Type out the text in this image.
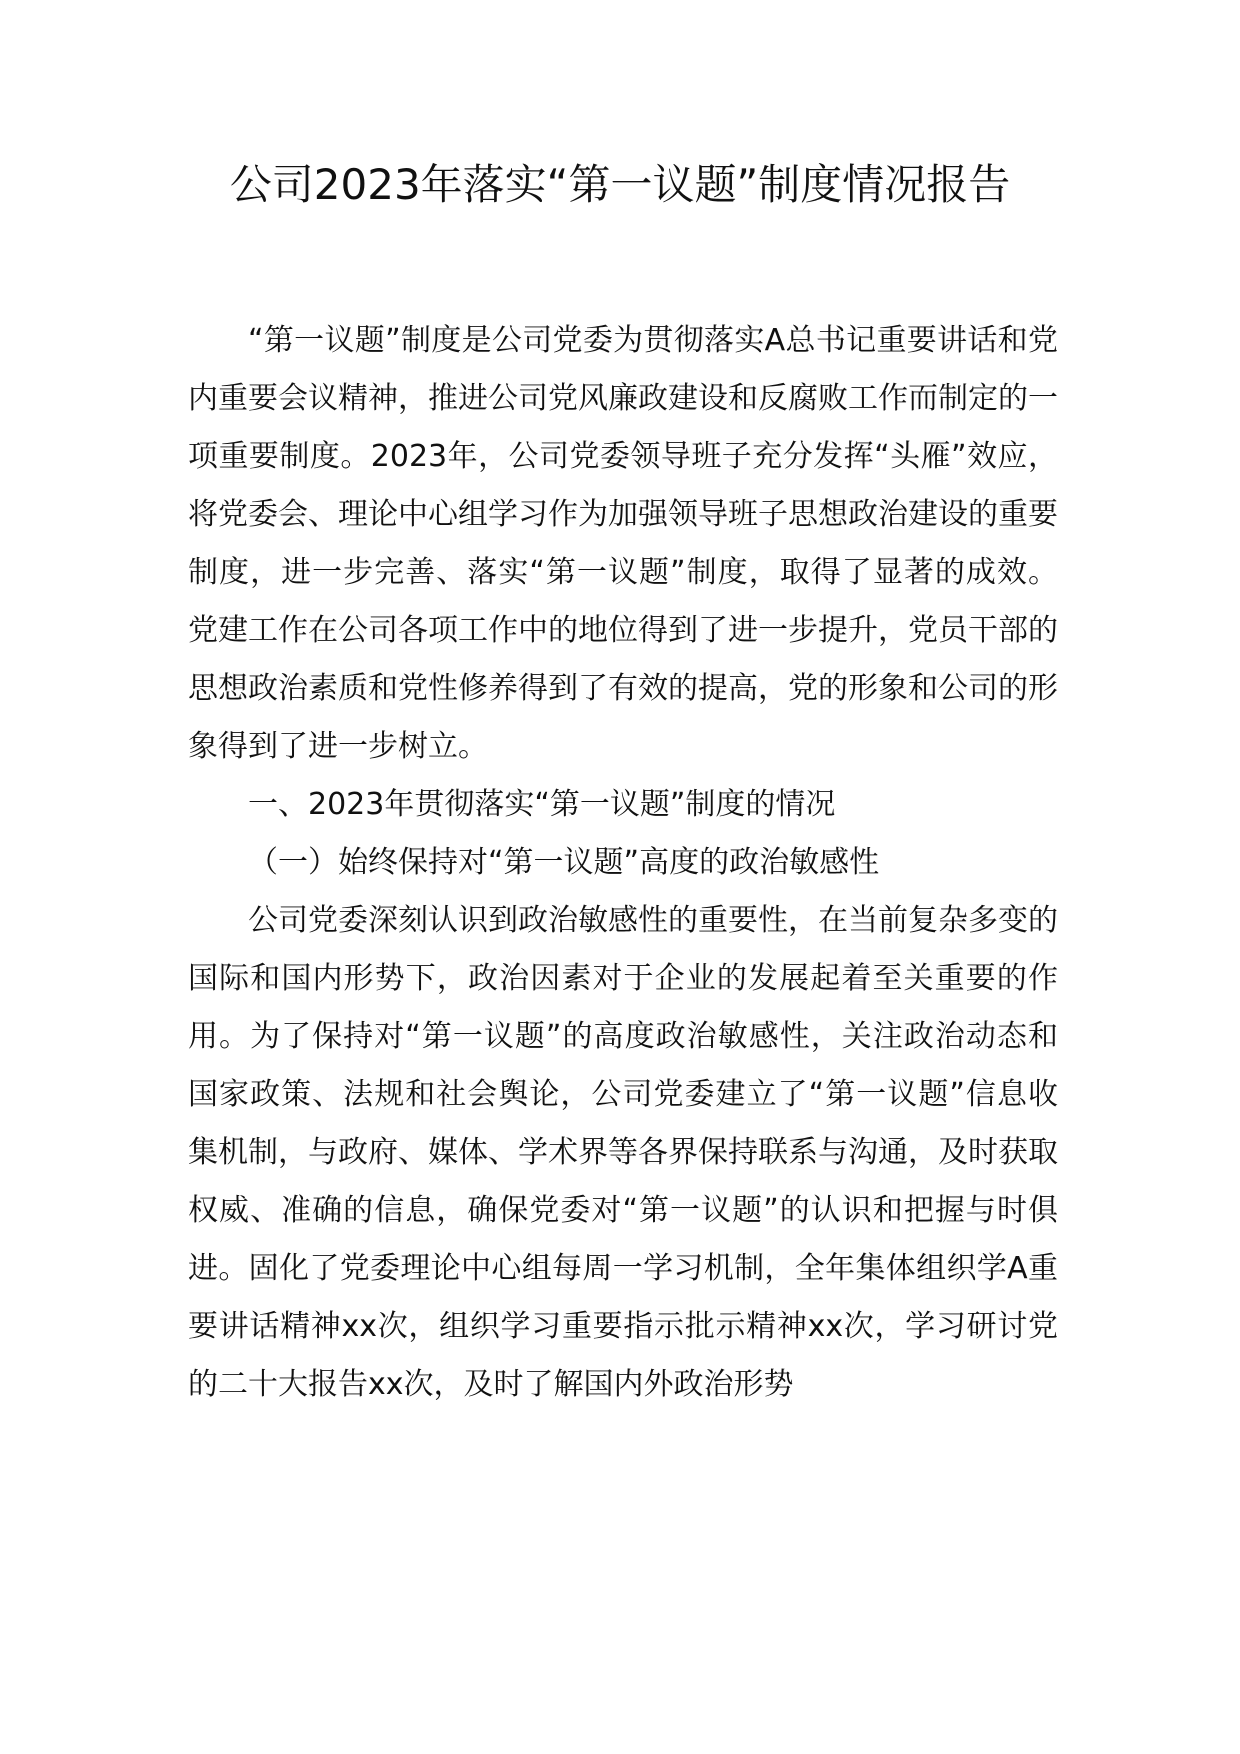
公司2023年落实“第一议题”制度情况报告

“第一议题”制度是公司党委为贯彻落实A总书记重要讲话和党内重要会议精神，推进公司党风廉政建设和反腐败工作而制定的一项重要制度。2023年，公司党委领导班子充分发挥“头雁”效应，将党委会、理论中心组学习作为加强领导班子思想政治建设的重要制度，进一步完善、落实“第一议题”制度，取得了显著的成效。党建工作在公司各项工作中的地位得到了进一步提升，党员干部的思想政治素质和党性修养得到了有效的提高，党的形象和公司的形象得到了进一步树立。

一、2023年贯彻落实“第一议题”制度的情况

（一）始终保持对“第一议题”高度的政治敏感性

公司党委深刻认识到政治敏感性的重要性，在当前复杂多变的国际和国内形势下，政治因素对于企业的发展起着至关重要的作用。为了保持对“第一议题”的高度政治敏感性，关注政治动态和国家政策、法规和社会舆论，公司党委建立了“第一议题”信息收集机制，与政府、媒体、学术界等各界保持联系与沟通，及时获取权威、准确的信息，确保党委对“第一议题”的认识和把握与时俱进。固化了党委理论中心组每周一学习机制，全年集体组织学A重要讲话精神xx次，组织学习重要指示批示精神xx次，学习研讨党的二十大报告xx次，及时了解国内外政治形势
